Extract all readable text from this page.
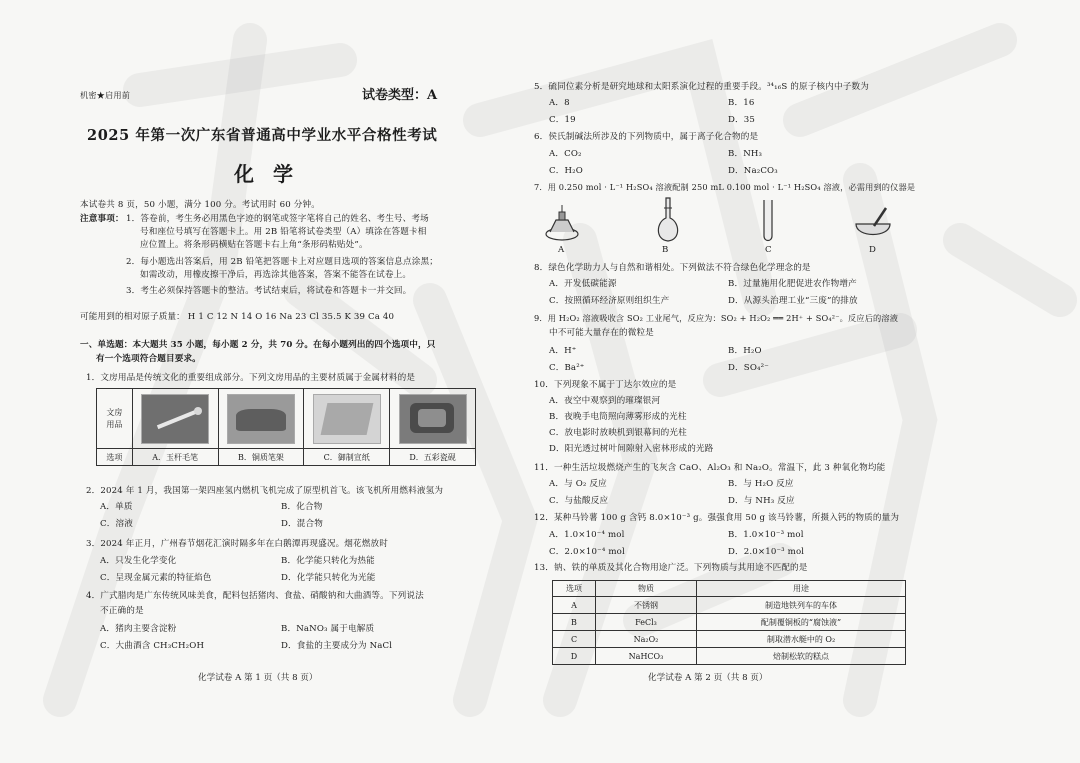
机密★启用前	试卷类型：A
2025 年第一次广东省普通高中学业水平合格性考试
化 学
本试卷共 8 页，50 小题，满分 100 分。考试用时 60 分钟。
注意事项： 1．答卷前，考生务必用黑色字迹的钢笔或签字笔将自己的姓名、考生号、考场
号和座位号填写在答题卡上。用 2B 铅笔将试卷类型（A）填涂在答题卡相
应位置上。将条形码横贴在答题卡右上角“条形码粘贴处”。
2．每小题选出答案后，用 2B 铅笔把答题卡上对应题目选项的答案信息点涂黑；
如需改动，用橡皮擦干净后，再选涂其他答案，答案不能答在试卷上。
3．考生必须保持答题卡的整洁。考试结束后，将试卷和答题卡一并交回。
可能用到的相对原子质量： H 1 C 12 N 14 O 16 Na 23 Cl 35.5 K 39 Ca 40
一、单选题：本大题共 35 小题，每小题 2 分，共 70 分。在每小题列出的四个选项中，只
有一个选项符合题目要求。
1．文房用品是传统文化的重要组成部分。下列文房用品的主要材质属于金属材料的是
文房
用品	

选项	A．玉杆毛笔	B．铜质笔架	C．御制宣纸	D．五彩瓷砚
2．2024 年 1 月，我国第一架四座氢内燃机飞机完成了原型机首飞。该飞机所用燃料液氢为
A．单质	B．化合物
C．溶液	D．混合物
3．2024 年正月，广州春节烟花汇演时隔多年在白鹅潭再现盛况。烟花燃放时
A．只发生化学变化	B．化学能只转化为热能
C．呈现金属元素的特征焰色	D．化学能只转化为光能
4．广式腊肉是广东传统风味美食，配料包括猪肉、食盐、硝酸钠和大曲酒等。下列说法
不正确的是
A．猪肉主要含淀粉	B．NaNO₃ 属于电解质
C．大曲酒含 CH₃CH₂OH	D．食盐的主要成分为 NaCl
化学试卷 A 第 1 页（共 8 页）
5．硫同位素分析是研究地球和太阳系演化过程的重要手段。³⁴₁₆S 的原子核内中子数为
A．8	B．16
C．19	D．35
6．侯氏制碱法所涉及的下列物质中，属于离子化合物的是
A．CO₂	B．NH₃
C．H₂O	D．Na₂CO₃
7．用 0.250 mol · L⁻¹ H₂SO₄ 溶液配制 250 mL 0.100 mol · L⁻¹ H₂SO₄ 溶液，必需用到的仪器是
A	B	C	D
8．绿色化学助力人与自然和谐相处。下列做法不符合绿色化学理念的是
A．开发低碳能源	B．过量施用化肥促进农作物增产
C．按照循环经济原则组织生产	D．从源头治理工业“三废”的排放
9．用 H₂O₂ 溶液吸收含 SO₂ 工业尾气，反应为：SO₂ + H₂O₂ ══ 2H⁺ + SO₄²⁻。反应后的溶液
中不可能大量存在的微粒是
A．H⁺	B．H₂O
C．Ba²⁺	D．SO₄²⁻
10．下列现象不属于丁达尔效应的是
A．夜空中观察到的璀璨银河
B．夜晚手电筒照向薄雾形成的光柱
C．放电影时放映机到银幕间的光柱
D．阳光透过树叶间隙射入密林形成的光路
11．一种生活垃圾燃烧产生的飞灰含 CaO、Al₂O₃ 和 Na₂O。常温下，此 3 种氧化物均能
A．与 O₂ 反应	B．与 H₂O 反应
C．与盐酸反应	D．与 NH₃ 反应
12．某种马铃薯 100 g 含钙 8.0×10⁻³ g。强强食用 50 g 该马铃薯，所摄入钙的物质的量为
A．1.0×10⁻⁴ mol	B．1.0×10⁻³ mol
C．2.0×10⁻⁴ mol	D．2.0×10⁻³ mol
13．钠、铁的单质及其化合物用途广泛。下列物质与其用途不匹配的是
选项	物质	用途
A	不锈钢	制造地铁列车的车体
B	FeCl₃	配制覆铜板的“腐蚀液”
C	Na₂O₂	制取潜水艇中的 O₂
D	NaHCO₃	焙制松软的糕点
化学试卷 A 第 2 页（共 8 页）
